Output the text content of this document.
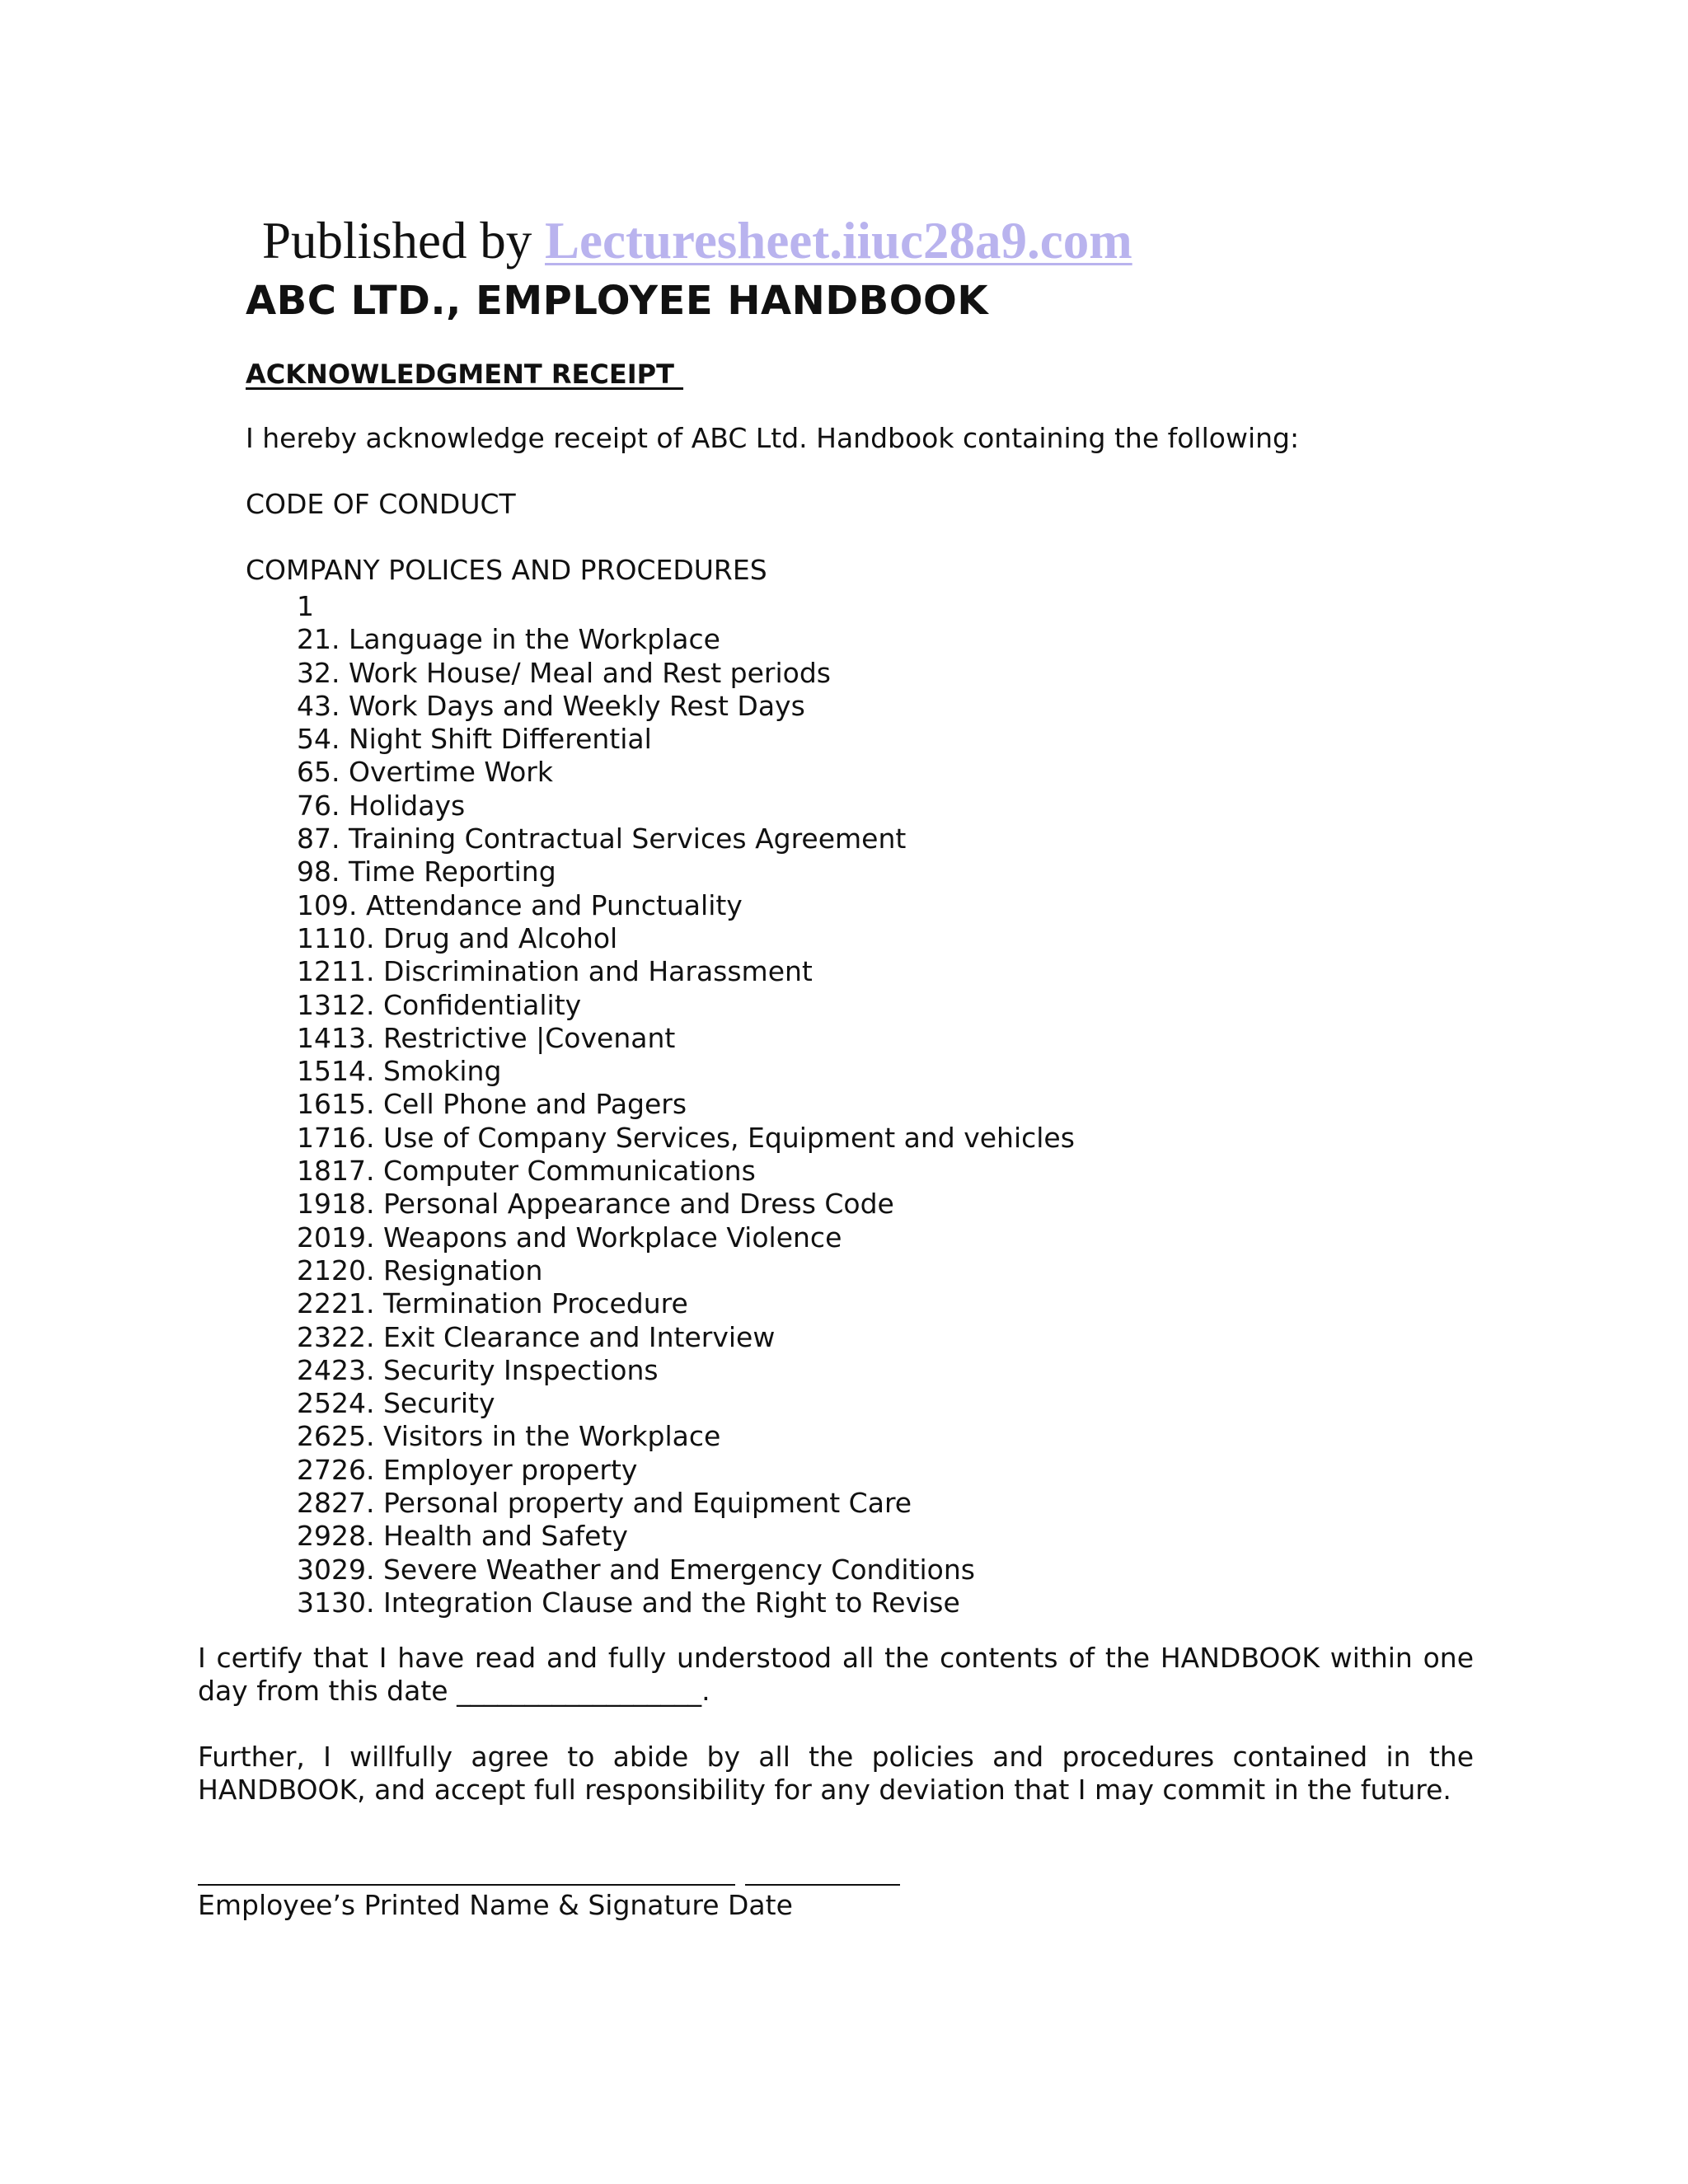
Published by Lecturesheet.iiuc28a9.com
ABC LTD., EMPLOYEE HANDBOOK
ACKNOWLEDGMENT RECEIPT
I hereby acknowledge receipt of ABC Ltd. Handbook containing the following:
CODE OF CONDUCT
COMPANY POLICES AND PROCEDURES
1
21. Language in the Workplace
32. Work House/ Meal and Rest periods
43. Work Days and Weekly Rest Days
54. Night Shift Differential
65. Overtime Work
76. Holidays
87. Training Contractual Services Agreement
98. Time Reporting
109. Attendance and Punctuality
1110. Drug and Alcohol
1211. Discrimination and Harassment
1312. Confidentiality
1413. Restrictive |Covenant
1514. Smoking
1615. Cell Phone and Pagers
1716. Use of Company Services, Equipment and vehicles
1817. Computer Communications
1918. Personal Appearance and Dress Code
2019. Weapons and Workplace Violence
2120. Resignation
2221. Termination Procedure
2322. Exit Clearance and Interview
2423. Security Inspections
2524. Security
2625. Visitors in the Workplace
2726. Employer property
2827. Personal property and Equipment Care
2928. Health and Safety
3029. Severe Weather and Emergency Conditions
3130. Integration Clause and the Right to Revise

I certify that I have read and fully understood all the contents of the HANDBOOK within one day from this date __________________.

Further, I willfully agree to abide by all the policies and procedures contained in the HANDBOOK, and accept full responsibility for any deviation that I may commit in the future.

Employee’s Printed Name & Signature Date
